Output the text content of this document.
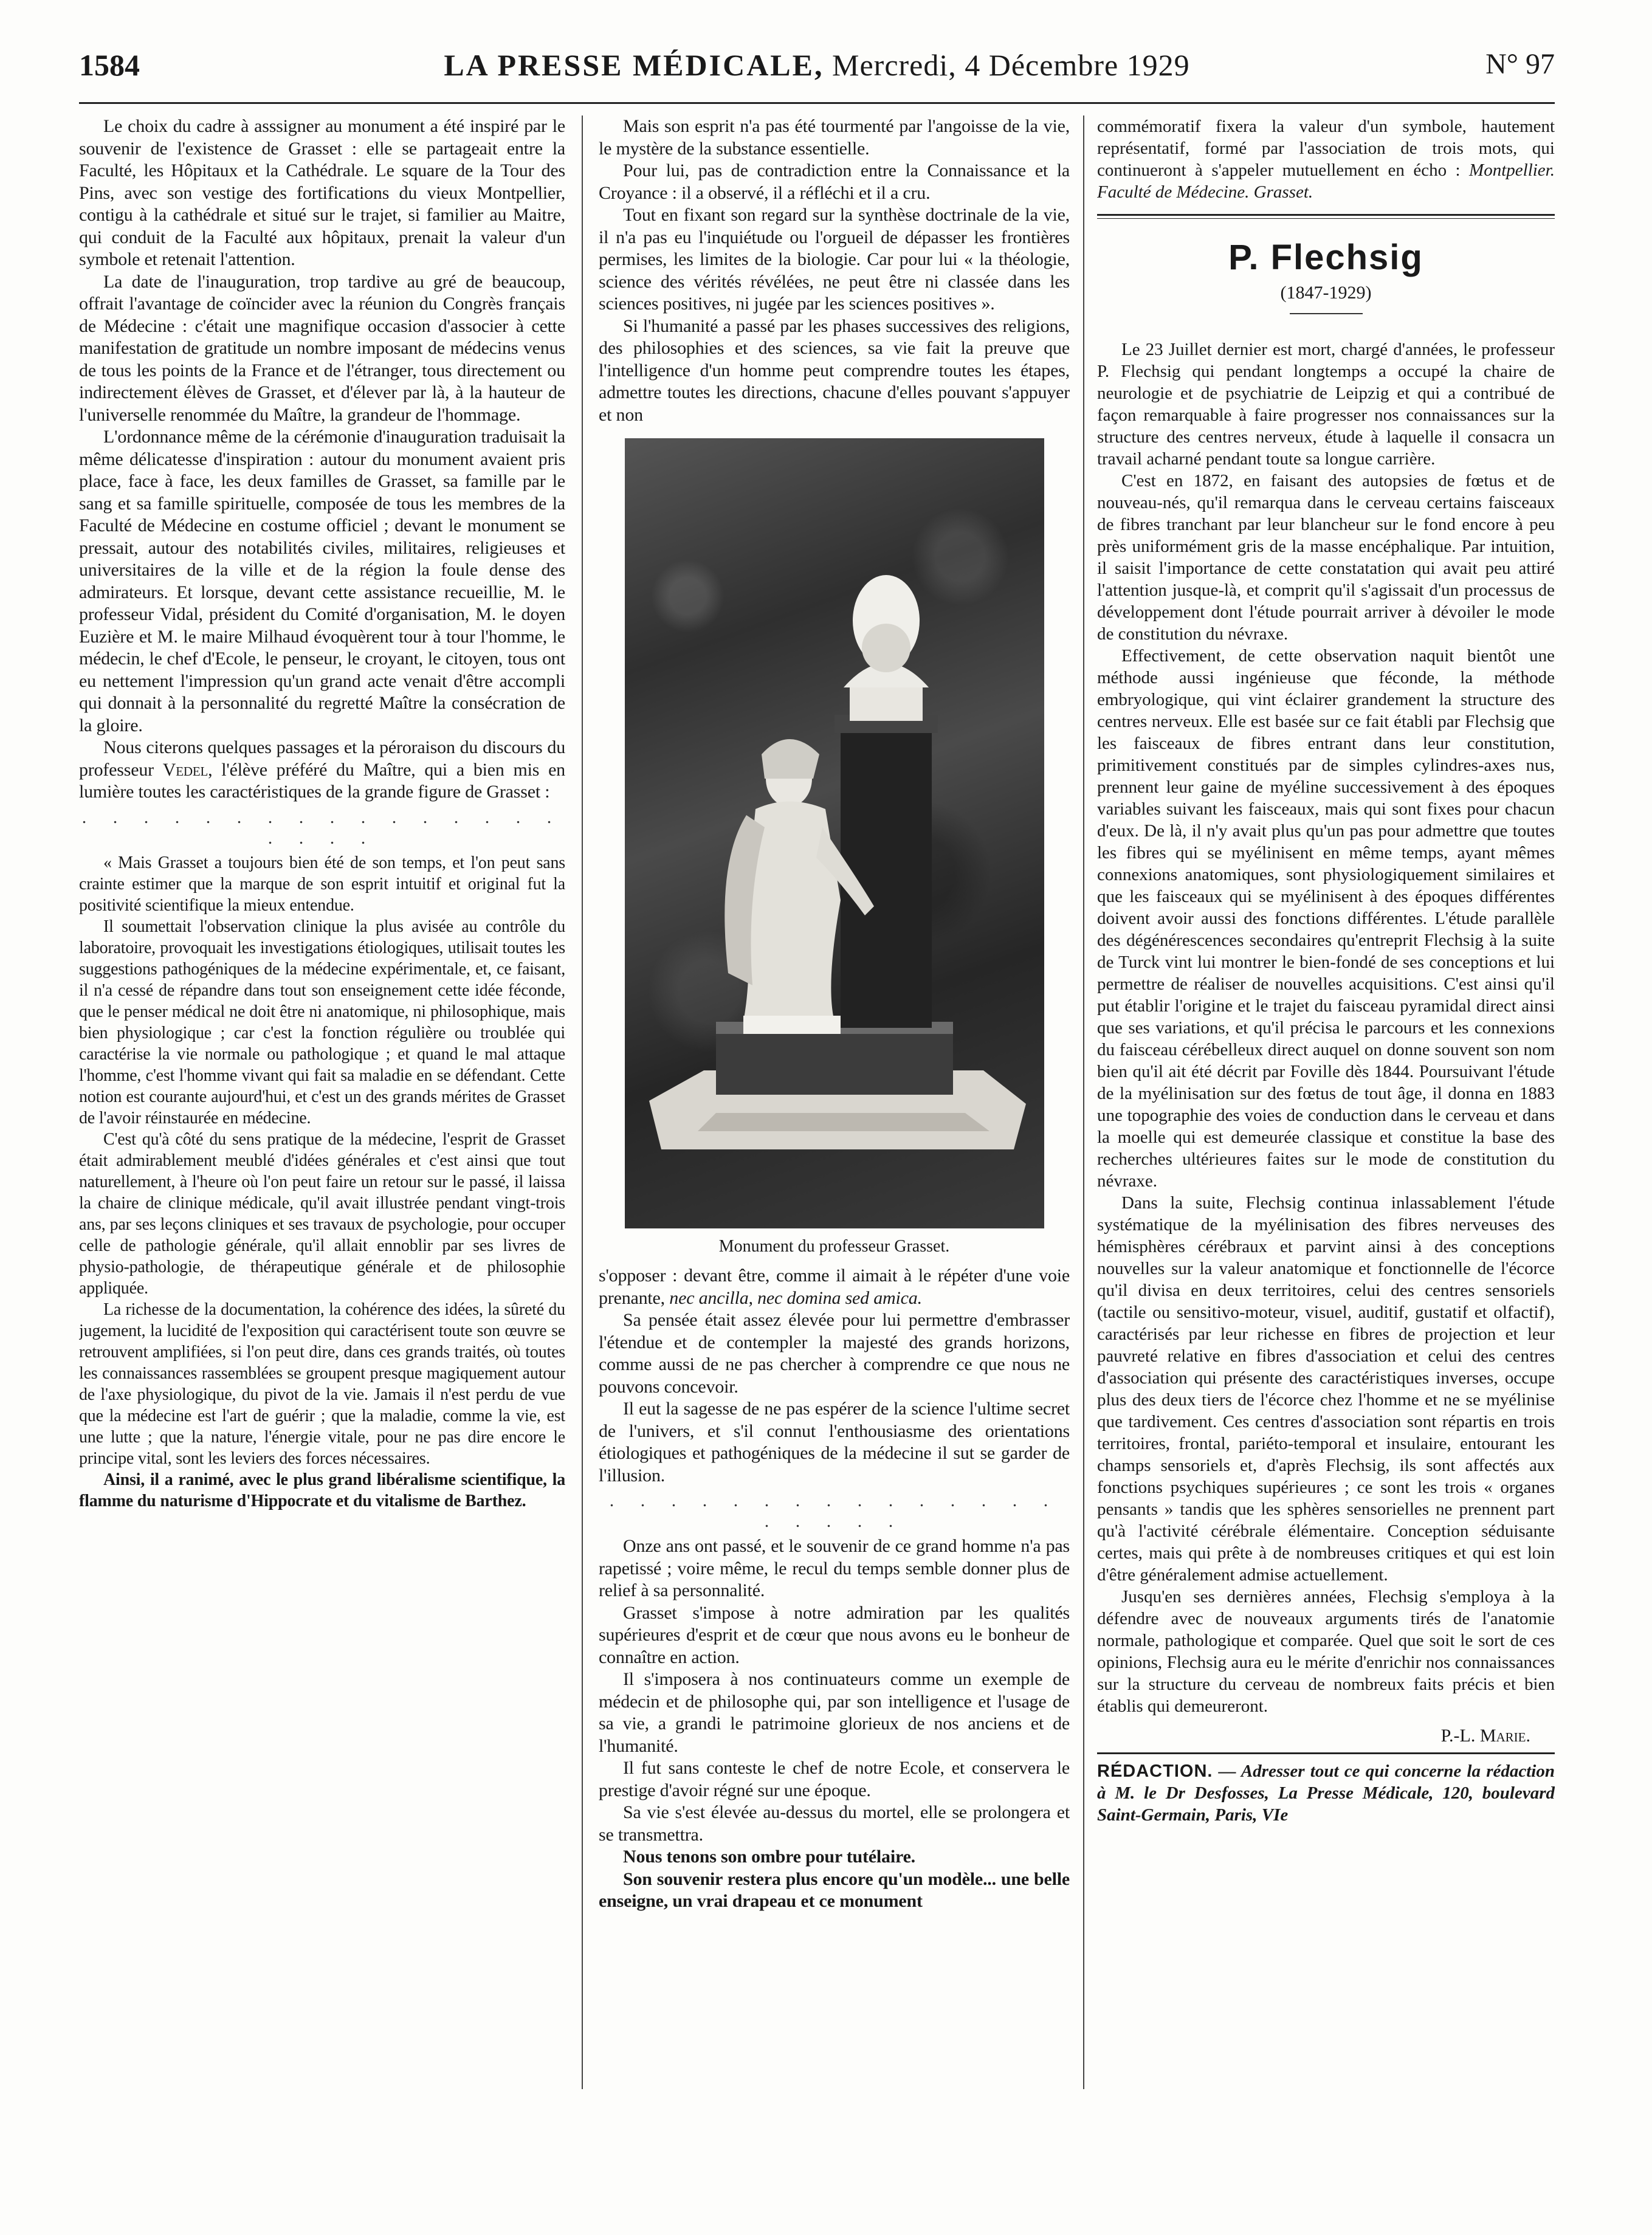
1584	LA PRESSE MÉDICALE, Mercredi, 4 Décembre 1929	N° 97

Le choix du cadre à asssigner au monument a été inspiré par le souvenir de l'existence de Grasset : elle se partageait entre la Faculté, les Hôpitaux et la Cathédrale. Le square de la Tour des Pins, avec son vestige des fortifications du vieux Montpellier, contigu à la cathédrale et situé sur le trajet, si familier au Maitre, qui conduit de la Faculté aux hôpitaux, prenait la valeur d'un symbole et retenait l'attention.

La date de l'inauguration, trop tardive au gré de beaucoup, offrait l'avantage de coïncider avec la réunion du Congrès français de Médecine : c'était une magnifique occasion d'associer à cette manifestation de gratitude un nombre imposant de médecins venus de tous les points de la France et de l'étranger, tous directement ou indirectement élèves de Grasset, et d'élever par là, à la hauteur de l'universelle renommée du Maître, la grandeur de l'hommage.

L'ordonnance même de la cérémonie d'inauguration traduisait la même délicatesse d'inspiration : autour du monument avaient pris place, face à face, les deux familles de Grasset, sa famille par le sang et sa famille spirituelle, composée de tous les membres de la Faculté de Médecine en costume officiel ; devant le monument se pressait, autour des notabilités civiles, militaires, religieuses et universitaires de la ville et de la région la foule dense des admirateurs. Et lorsque, devant cette assistance recueillie, M. le professeur Vidal, président du Comité d'organisation, M. le doyen Euzière et M. le maire Milhaud évoquèrent tour à tour l'homme, le médecin, le chef d'Ecole, le penseur, le croyant, le citoyen, tous ont eu nettement l'impression qu'un grand acte venait d'être accompli qui donnait à la personnalité du regretté Maître la consécration de la gloire.

Nous citerons quelques passages et la péroraison du discours du professeur Vedel, l'élève préféré du Maître, qui a bien mis en lumière toutes les caractéristiques de la grande figure de Grasset :

. . . . . . . . . . . . . . . . . . . .

« Mais Grasset a toujours bien été de son temps, et l'on peut sans crainte estimer que la marque de son esprit intuitif et original fut la positivité scientifique la mieux entendue.

Il soumettait l'observation clinique la plus avisée au contrôle du laboratoire, provoquait les investigations étiologiques, utilisait toutes les suggestions pathogéniques de la médecine expérimentale, et, ce faisant, il n'a cessé de répandre dans tout son enseignement cette idée féconde, que le penser médical ne doit être ni anatomique, ni philosophique, mais bien physiologique ; car c'est la fonction régulière ou troublée qui caractérise la vie normale ou pathologique ; et quand le mal attaque l'homme, c'est l'homme vivant qui fait sa maladie en se défendant. Cette notion est courante aujourd'hui, et c'est un des grands mérites de Grasset de l'avoir réinstaurée en médecine.

C'est qu'à côté du sens pratique de la médecine, l'esprit de Grasset était admirablement meublé d'idées générales et c'est ainsi que tout naturellement, à l'heure où l'on peut faire un retour sur le passé, il laissa la chaire de clinique médicale, qu'il avait illustrée pendant vingt-trois ans, par ses leçons cliniques et ses travaux de psychologie, pour occuper celle de pathologie générale, qu'il allait ennoblir par ses livres de physio-pathologie, de thérapeutique générale et de philosophie appliquée.

La richesse de la documentation, la cohérence des idées, la sûreté du jugement, la lucidité de l'exposition qui caractérisent toute son œuvre se retrouvent amplifiées, si l'on peut dire, dans ces grands traités, où toutes les connaissances rassemblées se groupent presque magiquement autour de l'axe physiologique, du pivot de la vie. Jamais il n'est perdu de vue que la médecine est l'art de guérir ; que la maladie, comme la vie, est une lutte ; que la nature, l'énergie vitale, pour ne pas dire encore le principe vital, sont les leviers des forces nécessaires.

Ainsi, il a ranimé, avec le plus grand libéralisme scientifique, la flamme du naturisme d'Hippocrate et du vitalisme de Barthez.

Mais son esprit n'a pas été tourmenté par l'angoisse de la vie, le mystère de la substance essentielle.

Pour lui, pas de contradiction entre la Connaissance et la Croyance : il a observé, il a réfléchi et il a cru.

Tout en fixant son regard sur la synthèse doctrinale de la vie, il n'a pas eu l'inquiétude ou l'orgueil de dépasser les frontières permises, les limites de la biologie. Car pour lui « la théologie, science des vérités révélées, ne peut être ni classée dans les sciences positives, ni jugée par les sciences positives ».

Si l'humanité a passé par les phases successives des religions, des philosophies et des sciences, sa vie fait la preuve que l'intelligence d'un homme peut comprendre toutes les étapes, admettre toutes les directions, chacune d'elles pouvant s'appuyer et non

Monument du professeur Grasset.

s'opposer : devant être, comme il aimait à le répéter d'une voie prenante, nec ancilla, nec domina sed amica.

Sa pensée était assez élevée pour lui permettre d'embrasser l'étendue et de contempler la majesté des grands horizons, comme aussi de ne pas chercher à comprendre ce que nous ne pouvons concevoir.

Il eut la sagesse de ne pas espérer de la science l'ultime secret de l'univers, et s'il connut l'enthousiasme des orientations étiologiques et pathogéniques de la médecine il sut se garder de l'illusion.

. . . . . . . . . . . . . . . . . . . .

Onze ans ont passé, et le souvenir de ce grand homme n'a pas rapetissé ; voire même, le recul du temps semble donner plus de relief à sa personnalité.

Grasset s'impose à notre admiration par les qualités supérieures d'esprit et de cœur que nous avons eu le bonheur de connaître en action.

Il s'imposera à nos continuateurs comme un exemple de médecin et de philosophe qui, par son intelligence et l'usage de sa vie, a grandi le patrimoine glorieux de nos anciens et de l'humanité.

Il fut sans conteste le chef de notre Ecole, et conservera le prestige d'avoir régné sur une époque.

Sa vie s'est élevée au-dessus du mortel, elle se prolongera et se transmettra.

Nous tenons son ombre pour tutélaire.

Son souvenir restera plus encore qu'un modèle... une belle enseigne, un vrai drapeau et ce monument

commémoratif fixera la valeur d'un symbole, hautement représentatif, formé par l'association de trois mots, qui continueront à s'appeler mutuellement en écho : Montpellier. Faculté de Médecine. Grasset.

P. Flechsig
(1847-1929)

Le 23 Juillet dernier est mort, chargé d'années, le professeur P. Flechsig qui pendant longtemps a occupé la chaire de neurologie et de psychiatrie de Leipzig et qui a contribué de façon remarquable à faire progresser nos connaissances sur la structure des centres nerveux, étude à laquelle il consacra un travail acharné pendant toute sa longue carrière.

C'est en 1872, en faisant des autopsies de fœtus et de nouveau-nés, qu'il remarqua dans le cerveau certains faisceaux de fibres tranchant par leur blancheur sur le fond encore à peu près uniformément gris de la masse encéphalique. Par intuition, il saisit l'importance de cette constatation qui avait peu attiré l'attention jusque-là, et comprit qu'il s'agissait d'un processus de développement dont l'étude pourrait arriver à dévoiler le mode de constitution du névraxe.

Effectivement, de cette observation naquit bientôt une méthode aussi ingénieuse que féconde, la méthode embryologique, qui vint éclairer grandement la structure des centres nerveux. Elle est basée sur ce fait établi par Flechsig que les faisceaux de fibres entrant dans leur constitution, primitivement constitués par de simples cylindres-axes nus, prennent leur gaine de myéline successivement à des époques variables suivant les faisceaux, mais qui sont fixes pour chacun d'eux. De là, il n'y avait plus qu'un pas pour admettre que toutes les fibres qui se myélinisent en même temps, ayant mêmes connexions anatomiques, sont physiologiquement similaires et que les faisceaux qui se myélinisent à des époques différentes doivent avoir aussi des fonctions différentes. L'étude parallèle des dégénérescences secondaires qu'entreprit Flechsig à la suite de Turck vint lui montrer le bien-fondé de ses conceptions et lui permettre de réaliser de nouvelles acquisitions. C'est ainsi qu'il put établir l'origine et le trajet du faisceau pyramidal direct ainsi que ses variations, et qu'il précisa le parcours et les connexions du faisceau cérébelleux direct auquel on donne souvent son nom bien qu'il ait été décrit par Foville dès 1844. Poursuivant l'étude de la myélinisation sur des fœtus de tout âge, il donna en 1883 une topographie des voies de conduction dans le cerveau et dans la moelle qui est demeurée classique et constitue la base des recherches ultérieures faites sur le mode de constitution du névraxe.

Dans la suite, Flechsig continua inlassablement l'étude systématique de la myélinisation des fibres nerveuses des hémisphères cérébraux et parvint ainsi à des conceptions nouvelles sur la valeur anatomique et fonctionnelle de l'écorce qu'il divisa en deux territoires, celui des centres sensoriels (tactile ou sensitivo-moteur, visuel, auditif, gustatif et olfactif), caractérisés par leur richesse en fibres de projection et leur pauvreté relative en fibres d'association et celui des centres d'association qui présente des caractéristiques inverses, occupe plus des deux tiers de l'écorce chez l'homme et ne se myélinise que tardivement. Ces centres d'association sont répartis en trois territoires, frontal, pariéto-temporal et insulaire, entourant les champs sensoriels et, d'après Flechsig, ils sont affectés aux fonctions psychiques supérieures ; ce sont les trois « organes pensants » tandis que les sphères sensorielles ne prennent part qu'à l'activité cérébrale élémentaire. Conception séduisante certes, mais qui prête à de nombreuses critiques et qui est loin d'être généralement admise actuellement.

Jusqu'en ses dernières années, Flechsig s'employa à la défendre avec de nouveaux arguments tirés de l'anatomie normale, pathologique et comparée. Quel que soit le sort de ces opinions, Flechsig aura eu le mérite d'enrichir nos connaissances sur la structure du cerveau de nombreux faits précis et bien établis qui demeureront.

P.-L. Marie.
RÉDACTION. — Adresser tout ce qui concerne la rédaction à M. le Dr Desfosses, La Presse Médicale, 120, boulevard Saint-Germain, Paris, VIe
